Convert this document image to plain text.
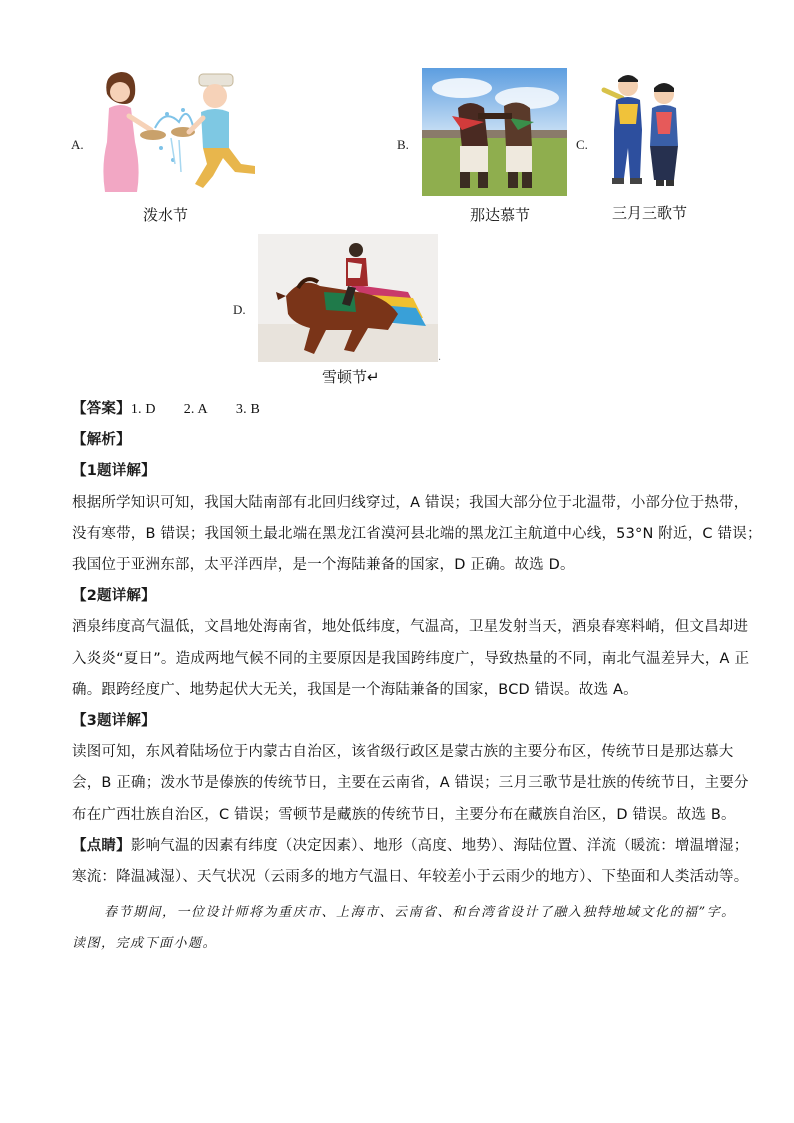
A.
泼水节
B.
那达慕节
C.
三月三歌节
D.
.
雪顿节↵
【答案】1. D 2. A 3. B
【解析】
【1题详解】
根据所学知识可知，我国大陆南部有北回归线穿过，A 错误；我国大部分位于北温带，小部分位于热带，
没有寒带，B 错误；我国领土最北端在黑龙江省漠河县北端的黑龙江主航道中心线，53°N 附近，C 错误；
我国位于亚洲东部，太平洋西岸，是一个海陆兼备的国家，D 正确。故选 D。
【2题详解】
酒泉纬度高气温低，文昌地处海南省，地处低纬度，气温高，卫星发射当天，酒泉春寒料峭，但文昌却进
入炎炎“夏日”。造成两地气候不同的主要原因是我国跨纬度广，导致热量的不同，南北气温差异大，A 正
确。跟跨经度广、地势起伏大无关，我国是一个海陆兼备的国家，BCD 错误。故选 A。
【3题详解】
读图可知，东风着陆场位于内蒙古自治区，该省级行政区是蒙古族的主要分布区，传统节日是那达慕大
会，B 正确；泼水节是傣族的传统节日，主要在云南省，A 错误；三月三歌节是壮族的传统节日，主要分
布在广西壮族自治区，C 错误；雪顿节是藏族的传统节日，主要分布在藏族自治区，D 错误。故选 B。
【点睛】影响气温的因素有纬度（决定因素）、地形（高度、地势）、海陆位置、洋流（暖流：增温增湿；
寒流：降温减湿）、天气状况（云雨多的地方气温日、年较差小于云雨少的地方）、下垫面和人类活动等。
春节期间，一位设计师将为重庆市、上海市、云南省、和台湾省设计了融入独特地域文化的福”字。
读图，完成下面小题。
